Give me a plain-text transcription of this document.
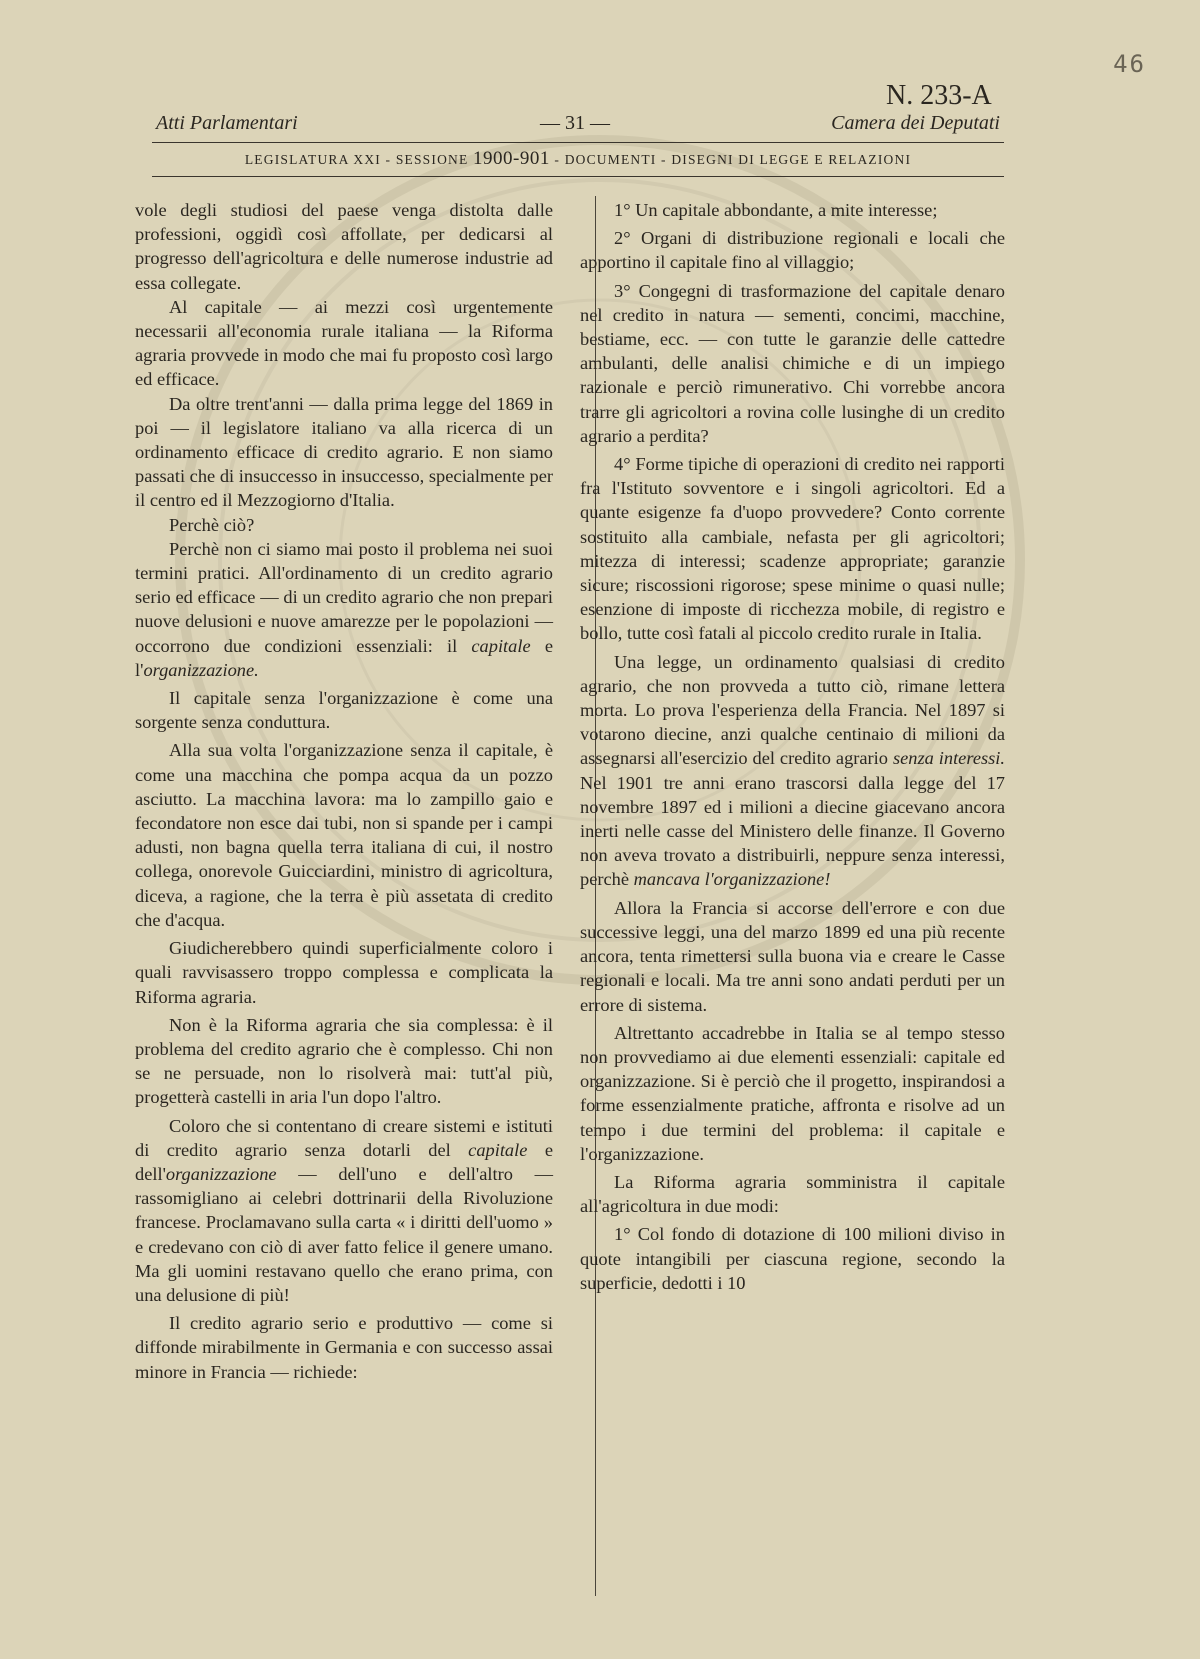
46
N. 233-A
Atti Parlamentari	— 31 —	Camera dei Deputati
LEGISLATURA XXI - SESSIONE 1900-901 - DOCUMENTI - DISEGNI DI LEGGE E RELAZIONI

vole degli studiosi del paese venga distolta dalle professioni, oggidì così affollate, per dedicarsi al progresso dell'agricoltura e delle numerose industrie ad essa collegate.

Al capitale — ai mezzi così urgentemente necessarii all'economia rurale italiana — la Riforma agraria provvede in modo che mai fu proposto così largo ed efficace.

Da oltre trent'anni — dalla prima legge del 1869 in poi — il legislatore italiano va alla ricerca di un ordinamento efficace di credito agrario. E non siamo passati che di insuccesso in insuccesso, specialmente per il centro ed il Mezzogiorno d'Italia.

Perchè ciò?

Perchè non ci siamo mai posto il problema nei suoi termini pratici. All'ordinamento di un credito agrario serio ed efficace — di un credito agrario che non prepari nuove delusioni e nuove amarezze per le popolazioni — occorrono due condizioni essenziali: il capitale e l'organizzazione.

Il capitale senza l'organizzazione è come una sorgente senza conduttura.

Alla sua volta l'organizzazione senza il capitale, è come una macchina che pompa acqua da un pozzo asciutto. La macchina lavora: ma lo zampillo gaio e fecondatore non esce dai tubi, non si spande per i campi adusti, non bagna quella terra italiana di cui, il nostro collega, onorevole Guicciardini, ministro di agricoltura, diceva, a ragione, che la terra è più assetata di credito che d'acqua.

Giudicherebbero quindi superficialmente coloro i quali ravvisassero troppo complessa e complicata la Riforma agraria.

Non è la Riforma agraria che sia complessa: è il problema del credito agrario che è complesso. Chi non se ne persuade, non lo risolverà mai: tutt'al più, progetterà castelli in aria l'un dopo l'altro.

Coloro che si contentano di creare sistemi e istituti di credito agrario senza dotarli del capitale e dell'organizzazione — dell'uno e dell'altro — rassomigliano ai celebri dottrinarii della Rivoluzione francese. Proclamavano sulla carta « i diritti dell'uomo » e credevano con ciò di aver fatto felice il genere umano. Ma gli uomini restavano quello che erano prima, con una delusione di più!

Il credito agrario serio e produttivo — come si diffonde mirabilmente in Germania e con successo assai minore in Francia — richiede:

1° Un capitale abbondante, a mite interesse;

2° Organi di distribuzione regionali e locali che apportino il capitale fino al villaggio;

3° Congegni di trasformazione del capitale denaro nel credito in natura — sementi, concimi, macchine, bestiame, ecc. — con tutte le garanzie delle cattedre ambulanti, delle analisi chimiche e di un impiego razionale e perciò rimunerativo. Chi vorrebbe ancora trarre gli agricoltori a rovina colle lusinghe di un credito agrario a perdita?

4° Forme tipiche di operazioni di credito nei rapporti fra l'Istituto sovventore e i singoli agricoltori. Ed a quante esigenze fa d'uopo provvedere? Conto corrente sostituito alla cambiale, nefasta per gli agricoltori; mitezza di interessi; scadenze appropriate; garanzie sicure; riscossioni rigorose; spese minime o quasi nulle; esenzione di imposte di ricchezza mobile, di registro e bollo, tutte così fatali al piccolo credito rurale in Italia.

Una legge, un ordinamento qualsiasi di credito agrario, che non provveda a tutto ciò, rimane lettera morta. Lo prova l'esperienza della Francia. Nel 1897 si votarono diecine, anzi qualche centinaio di milioni da assegnarsi all'esercizio del credito agrario senza interessi. Nel 1901 tre anni erano trascorsi dalla legge del 17 novembre 1897 ed i milioni a diecine giacevano ancora inerti nelle casse del Ministero delle finanze. Il Governo non aveva trovato a distribuirli, neppure senza interessi, perchè mancava l'organizzazione!

Allora la Francia si accorse dell'errore e con due successive leggi, una del marzo 1899 ed una più recente ancora, tenta rimettersi sulla buona via e creare le Casse regionali e locali. Ma tre anni sono andati perduti per un errore di sistema.

Altrettanto accadrebbe in Italia se al tempo stesso non provvediamo ai due elementi essenziali: capitale ed organizzazione. Si è perciò che il progetto, inspirandosi a forme essenzialmente pratiche, affronta e risolve ad un tempo i due termini del problema: il capitale e l'organizzazione.

La Riforma agraria somministra il capitale all'agricoltura in due modi:

1° Col fondo di dotazione di 100 milioni diviso in quote intangibili per ciascuna regione, secondo la superficie, dedotti i 10
